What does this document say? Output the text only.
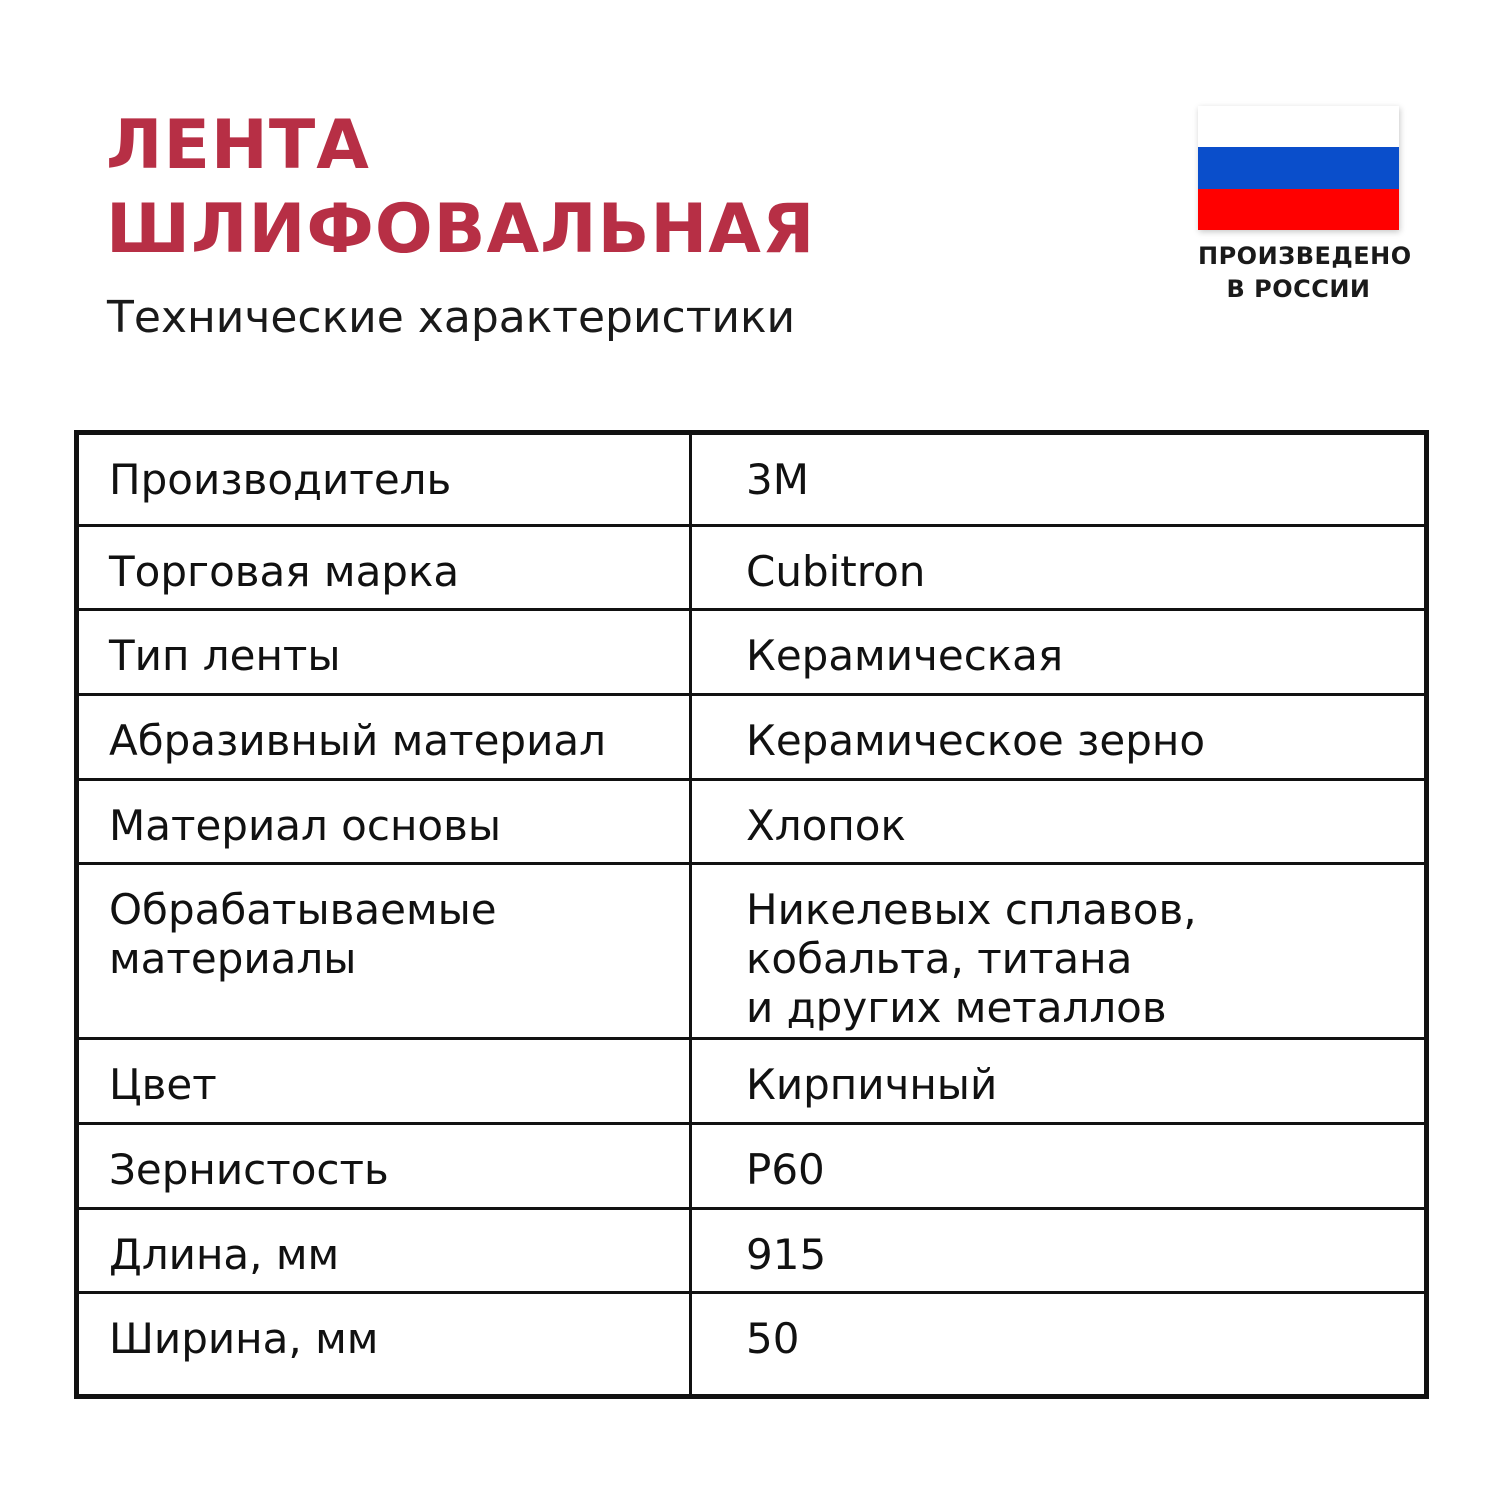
ЛЕНТА
ШЛИФОВАЛЬНАЯ

Технические характеристики

ПРОИЗВЕДЕНО
В РОССИИ
Производитель	3M

Торговая марка	Cubitron

Тип ленты	Керамическая

Абразивный материал	Керамическое зерно

Материал основы	Хлопок

Обрабатываемые
материалы	Никелевых сплавов,
кобальта, титана
и других металлов

Цвет	Кирпичный

Зернистость	P60

Длина, мм	915

Ширина, мм	50
